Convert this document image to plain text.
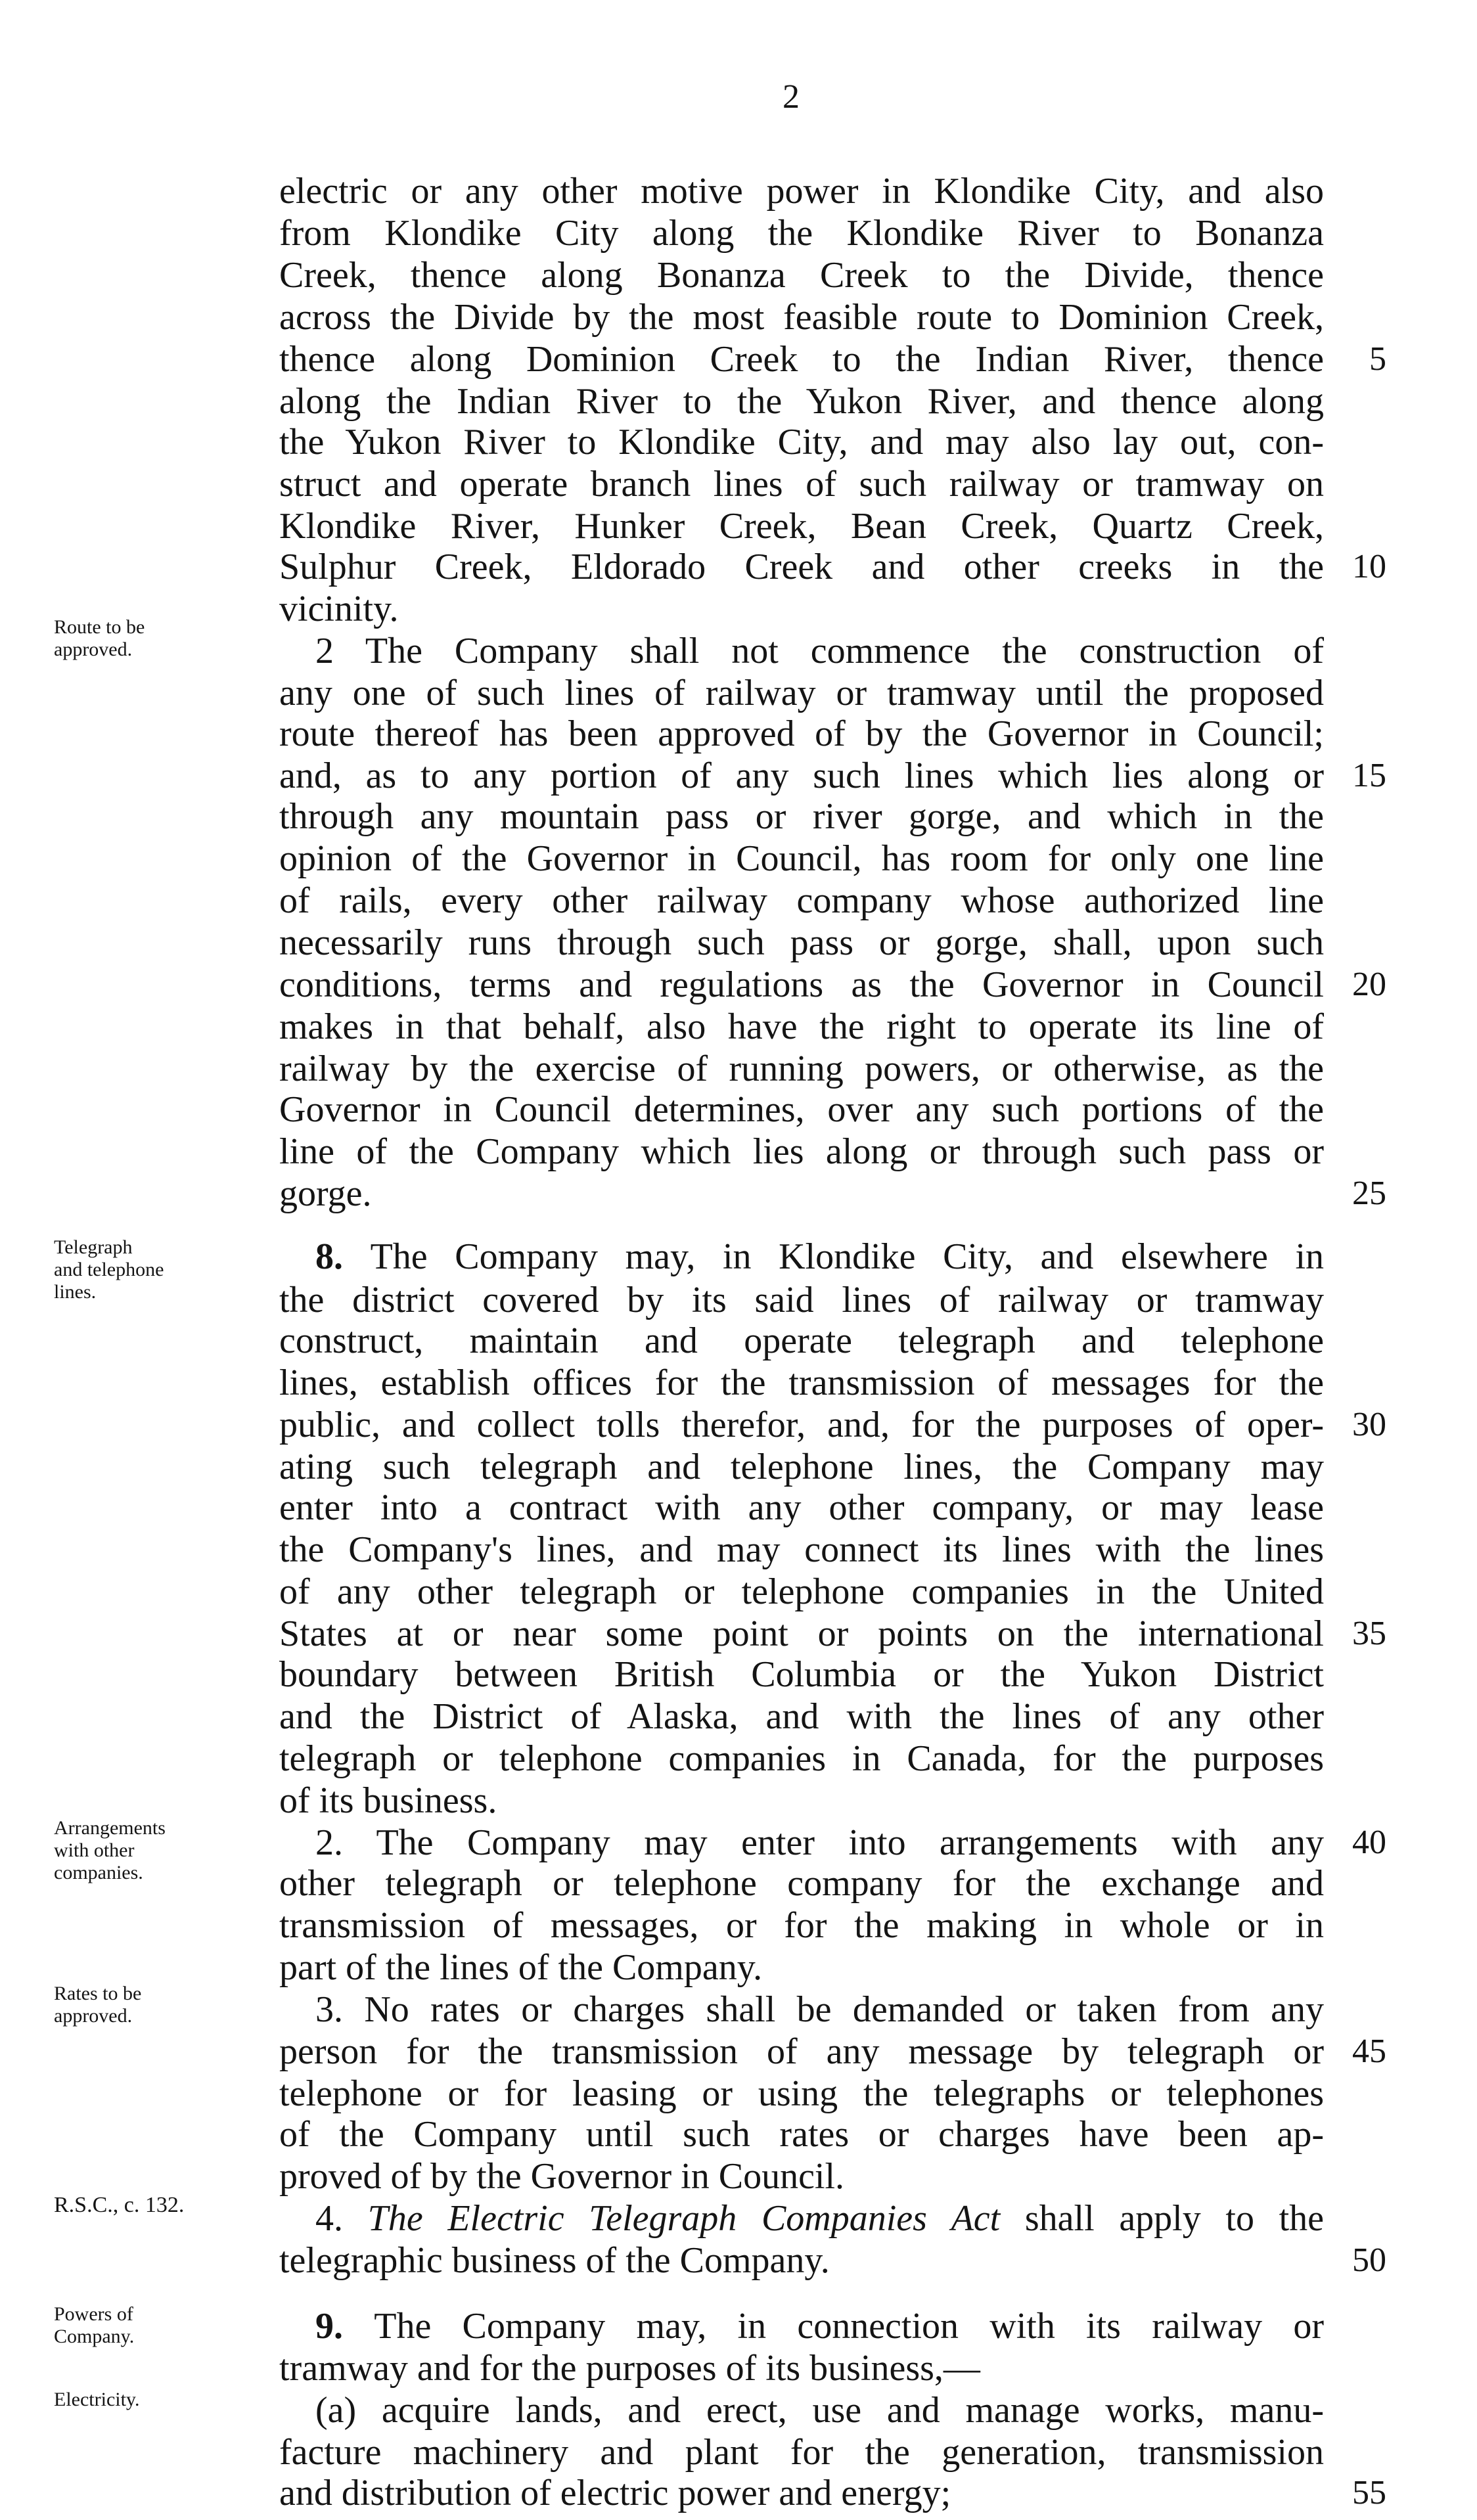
2
electric or any other motive power in Klondike City, and also
from Klondike City along the Klondike River to Bonanza
Creek, thence along Bonanza Creek to the Divide, thence
across the Divide by the most feasible route to Dominion Creek,
thence along Dominion Creek to the Indian River, thence	5
along the Indian River to the Yukon River, and thence along
the Yukon River to Klondike City, and may also lay out, con-
struct and operate branch lines of such railway or tramway on
Klondike River, Hunker Creek, Bean Creek, Quartz Creek,
Sulphur Creek, Eldorado Creek and other creeks in the 10
vicinity.
2 The Company shall not commence the construction of
any one of such lines of railway or tramway until the proposed
route thereof has been approved of by the Governor in Council;
and, as to any portion of any such lines which lies along or 15
through any mountain pass or river gorge, and which in the
opinion of the Governor in Council, has room for only one line
of rails, every other railway company whose authorized line
necessarily runs through such pass or gorge, shall, upon such
conditions, terms and regulations as the Governor in Council 20
makes in that behalf, also have the right to operate its line of
railway by the exercise of running powers, or otherwise, as the
Governor in Council determines, over any such portions of the
line of the Company which lies along or through such pass or
gorge.	25
8. The Company may, in Klondike City, and elsewhere in
the district covered by its said lines of railway or tramway
construct, maintain and operate telegraph and telephone
lines, establish offices for the transmission of messages for the
public, and collect tolls therefor, and, for the purposes of oper- 30
ating such telegraph and telephone lines, the Company may
enter into a contract with any other company, or may lease
the Company's lines, and may connect its lines with the lines
of any other telegraph or telephone companies in the United
States at or near some point or points on the international 35
boundary between British Columbia or the Yukon District
and the District of Alaska, and with the lines of any other
telegraph or telephone companies in Canada, for the purposes
of its business.
2. The Company may enter into arrangements with any 40
other telegraph or telephone company for the exchange and
transmission of messages, or for the making in whole or in
part of the lines of the Company.
3. No rates or charges shall be demanded or taken from any
person for the transmission of any message by telegraph or 45
telephone or for leasing or using the telegraphs or telephones
of the Company until such rates or charges have been ap-
proved of by the Governor in Council.
4. The Electric Telegraph Companies Act shall apply to the
telegraphic business of the Company.	50
9. The Company may, in connection with its railway or
tramway and for the purposes of its business,—
(a) acquire lands, and erect, use and manage works, manu-
facture machinery and plant for the generation, transmission
and distribution of electric power and energy;	55
Route to be
approved.
Telegraph
and telephone
lines.
Arrangements
with other
companies.
Rates to be
approved.
R.S.C., c. 132.
Powers of
Company.
Electricity.
